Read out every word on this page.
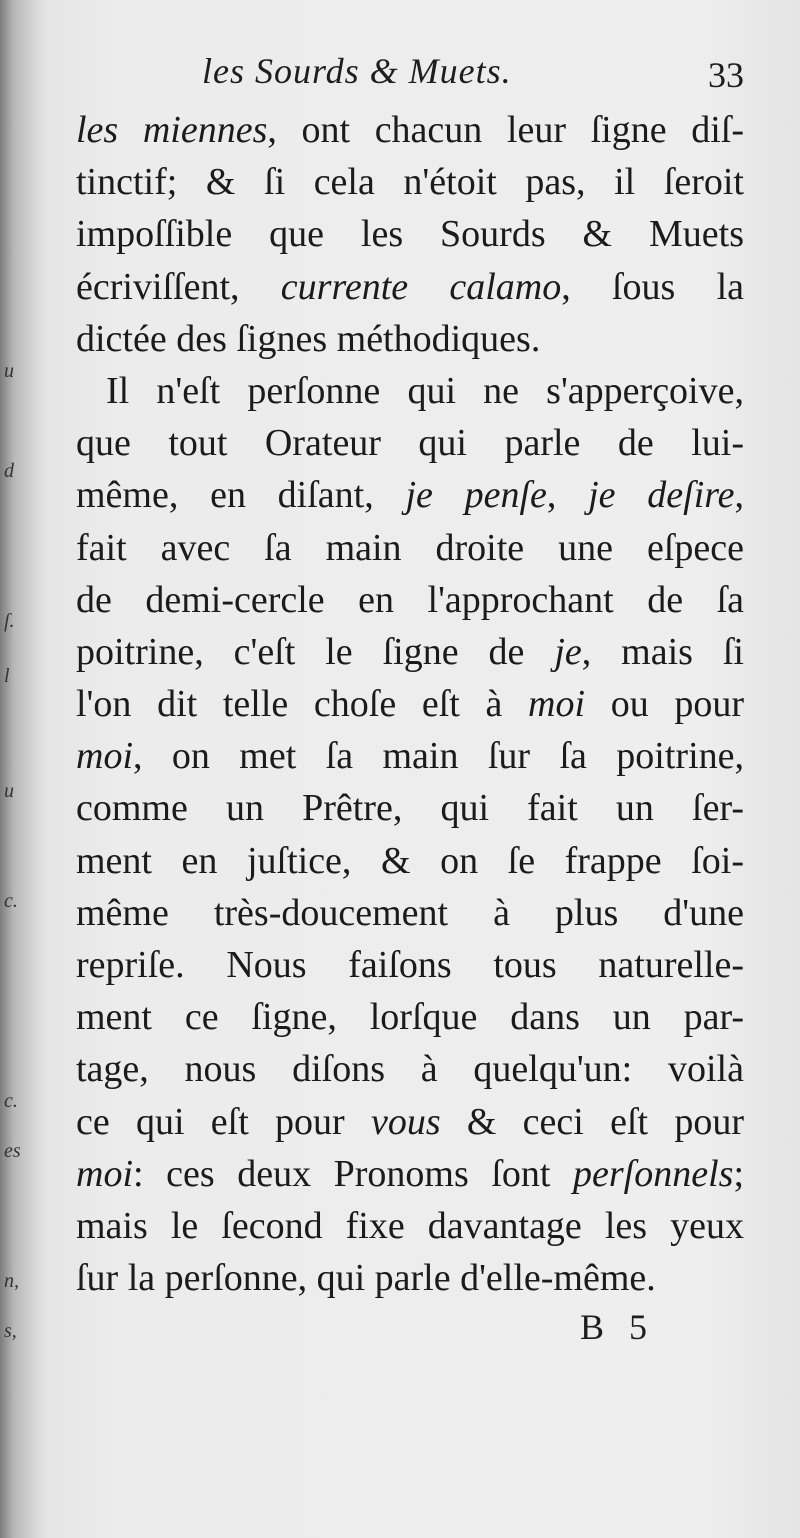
u
d
ſ.
l
u
c.
c.
es
n,
s,
les Sourds & Muets.	33
les miennes, ont chacun leur ſigne diſ-
tinctif; & ſi cela n'étoit pas, il ſeroit
impoſſible que les Sourds & Muets
écriviſſent, currente calamo, ſous la
dictée des ſignes méthodiques.
Il n'eſt perſonne qui ne s'apperçoive,
que tout Orateur qui parle de lui-
même, en diſant, je penſe, je deſire,
fait avec ſa main droite une eſpece
de demi-cercle en l'approchant de ſa
poitrine, c'eſt le ſigne de je, mais ſi
l'on dit telle choſe eſt à moi ou pour
moi, on met ſa main ſur ſa poitrine,
comme un Prêtre, qui fait un ſer-
ment en juſtice, & on ſe frappe ſoi-
même très-doucement à plus d'une
repriſe. Nous faiſons tous naturelle-
ment ce ſigne, lorſque dans un par-
tage, nous diſons à quelqu'un: voilà
ce qui eſt pour vous & ceci eſt pour
moi: ces deux Pronoms ſont perſonnels;
mais le ſecond fixe davantage les yeux
ſur la perſonne, qui parle d'elle-même.
B 5
